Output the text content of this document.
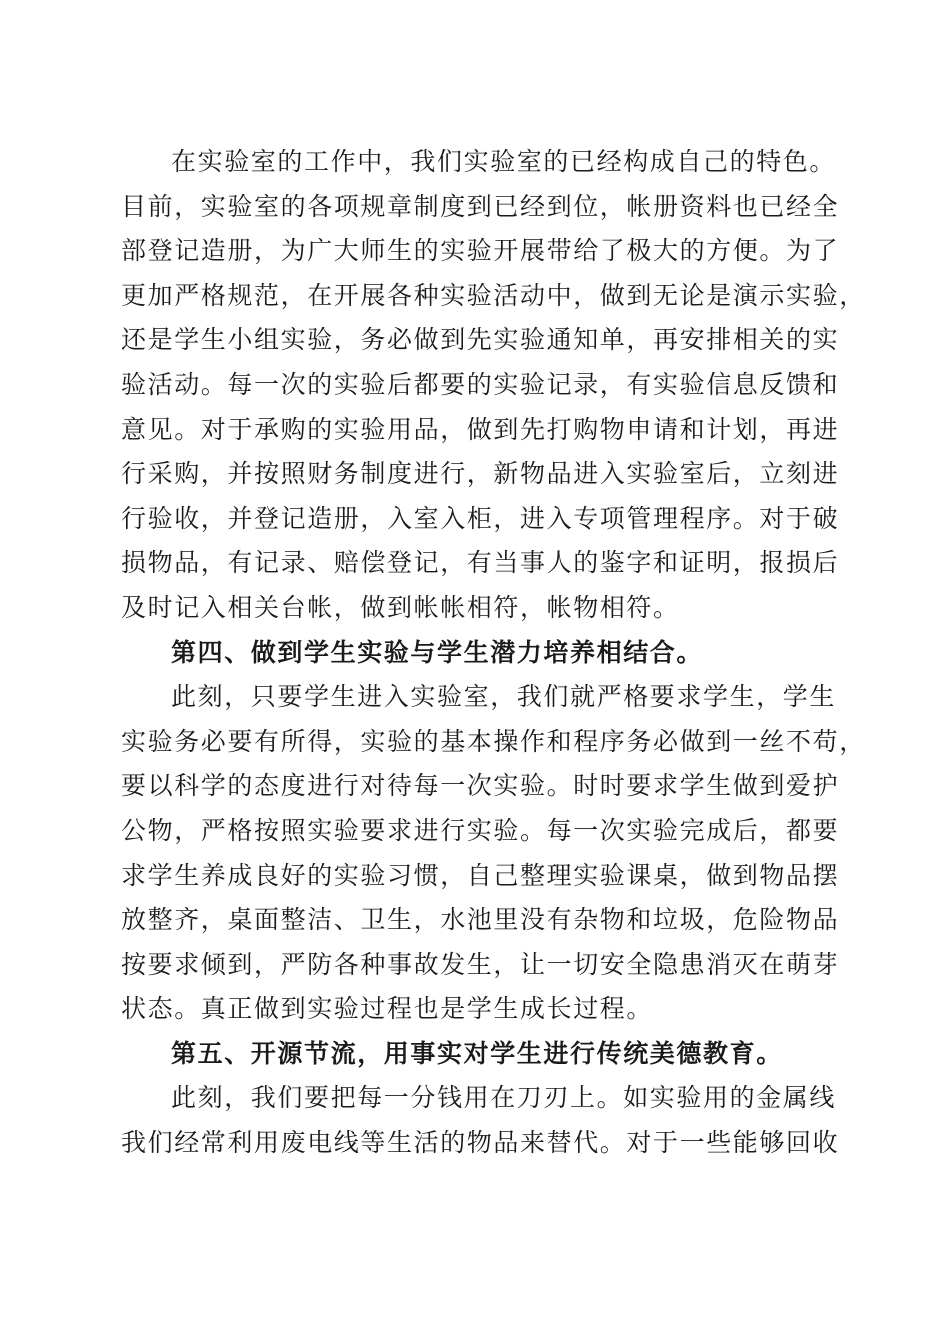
在实验室的工作中，我们实验室的已经构成自己的特色。
目前，实验室的各项规章制度到已经到位，帐册资料也已经全
部登记造册，为广大师生的实验开展带给了极大的方便。为了
更加严格规范，在开展各种实验活动中，做到无论是演示实验，
还是学生小组实验，务必做到先实验通知单，再安排相关的实
验活动。每一次的实验后都要的实验记录，有实验信息反馈和
意见。对于承购的实验用品，做到先打购物申请和计划，再进
行采购，并按照财务制度进行，新物品进入实验室后，立刻进
行验收，并登记造册，入室入柜，进入专项管理程序。对于破
损物品，有记录、赔偿登记，有当事人的鉴字和证明，报损后
及时记入相关台帐，做到帐帐相符，帐物相符。
第四、做到学生实验与学生潜力培养相结合。
此刻，只要学生进入实验室，我们就严格要求学生，学生
实验务必要有所得，实验的基本操作和程序务必做到一丝不苟，
要以科学的态度进行对待每一次实验。时时要求学生做到爱护
公物，严格按照实验要求进行实验。每一次实验完成后，都要
求学生养成良好的实验习惯，自己整理实验课桌，做到物品摆
放整齐，桌面整洁、卫生，水池里没有杂物和垃圾，危险物品
按要求倾到，严防各种事故发生，让一切安全隐患消灭在萌芽
状态。真正做到实验过程也是学生成长过程。
第五、开源节流，用事实对学生进行传统美德教育。
此刻，我们要把每一分钱用在刀刃上。如实验用的金属线
我们经常利用废电线等生活的物品来替代。对于一些能够回收
